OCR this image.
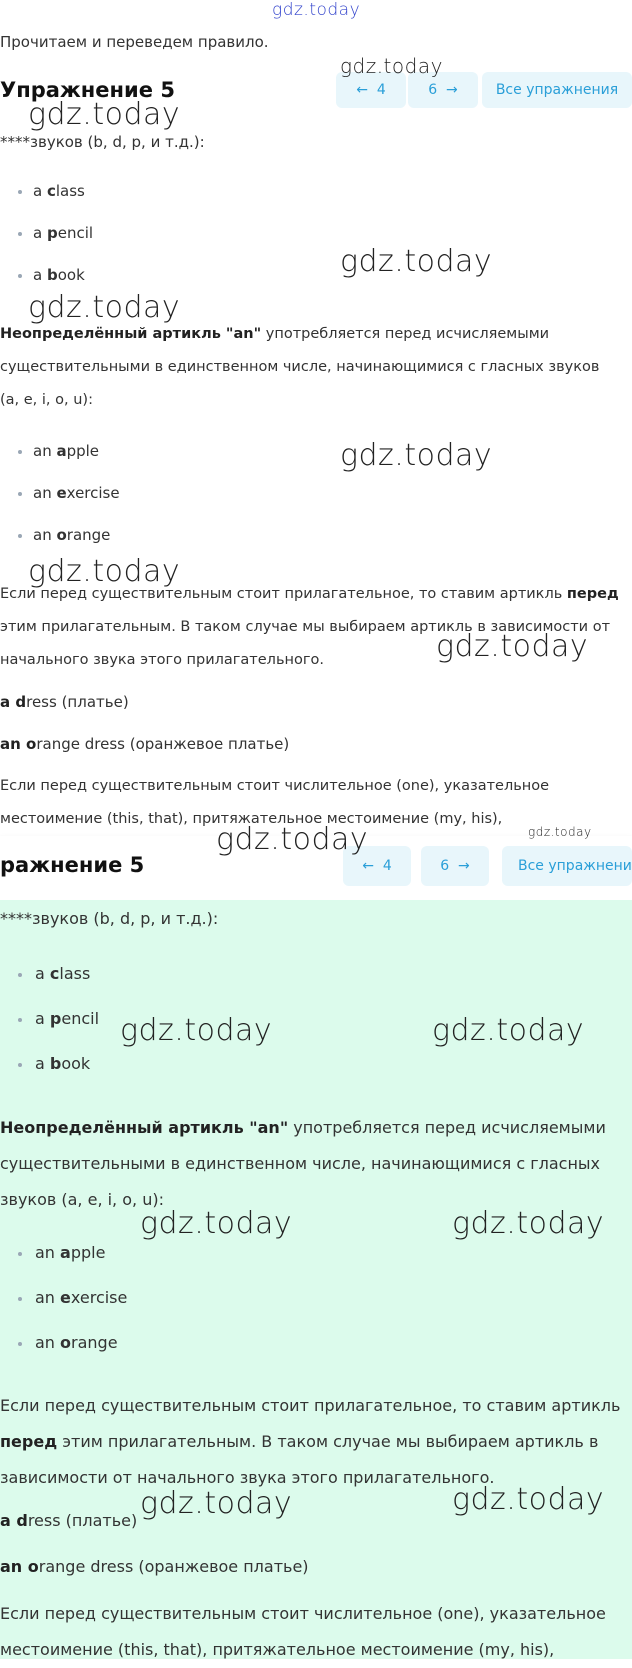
gdz.today
Прочитаем и переведем правило.
Упражнение 5	← 4	6 →	Все упражнения
****звуков (b, d, p, и т.д.):
a class
a pencil
a book
Неопределённый артикль "an" употребляется перед исчисляемыми
существительными в единственном числе, начинающимися с гласных звуков
(a, e, i, o, u):
an apple
an exercise
an orange
Если перед существительным стоит прилагательное, то ставим артикль перед
этим прилагательным. В таком случае мы выбираем артикль в зависимости от
начального звука этого прилагательного.
a dress (платье)
an orange dress (оранжевое платье)
Если перед существительным стоит числительное (one), указательное
местоимение (this, that), притяжательное местоимение (my, his),
ражнение 5	← 4	6 →	Все упражнени
****звуков (b, d, p, и т.д.):
a class
a pencil
a book
Неопределённый артикль "an" употребляется перед исчисляемыми
существительными в единственном числе, начинающимися с гласных
звуков (a, e, i, o, u):
an apple
an exercise
an orange
Если перед существительным стоит прилагательное, то ставим артикль
перед этим прилагательным. В таком случае мы выбираем артикль в
зависимости от начального звука этого прилагательного.
a dress (платье)
an orange dress (оранжевое платье)
Если перед существительным стоит числительное (one), указательное
местоимение (this, that), притяжательное местоимение (my, his),
gdz.today
gdz.today
gdz.today
gdz.today
gdz.today
gdz.today
gdz.today
gdz.today	gdz.today
gdz.today	gdz.today
gdz.today	gdz.today
gdz.today	gdz.today
